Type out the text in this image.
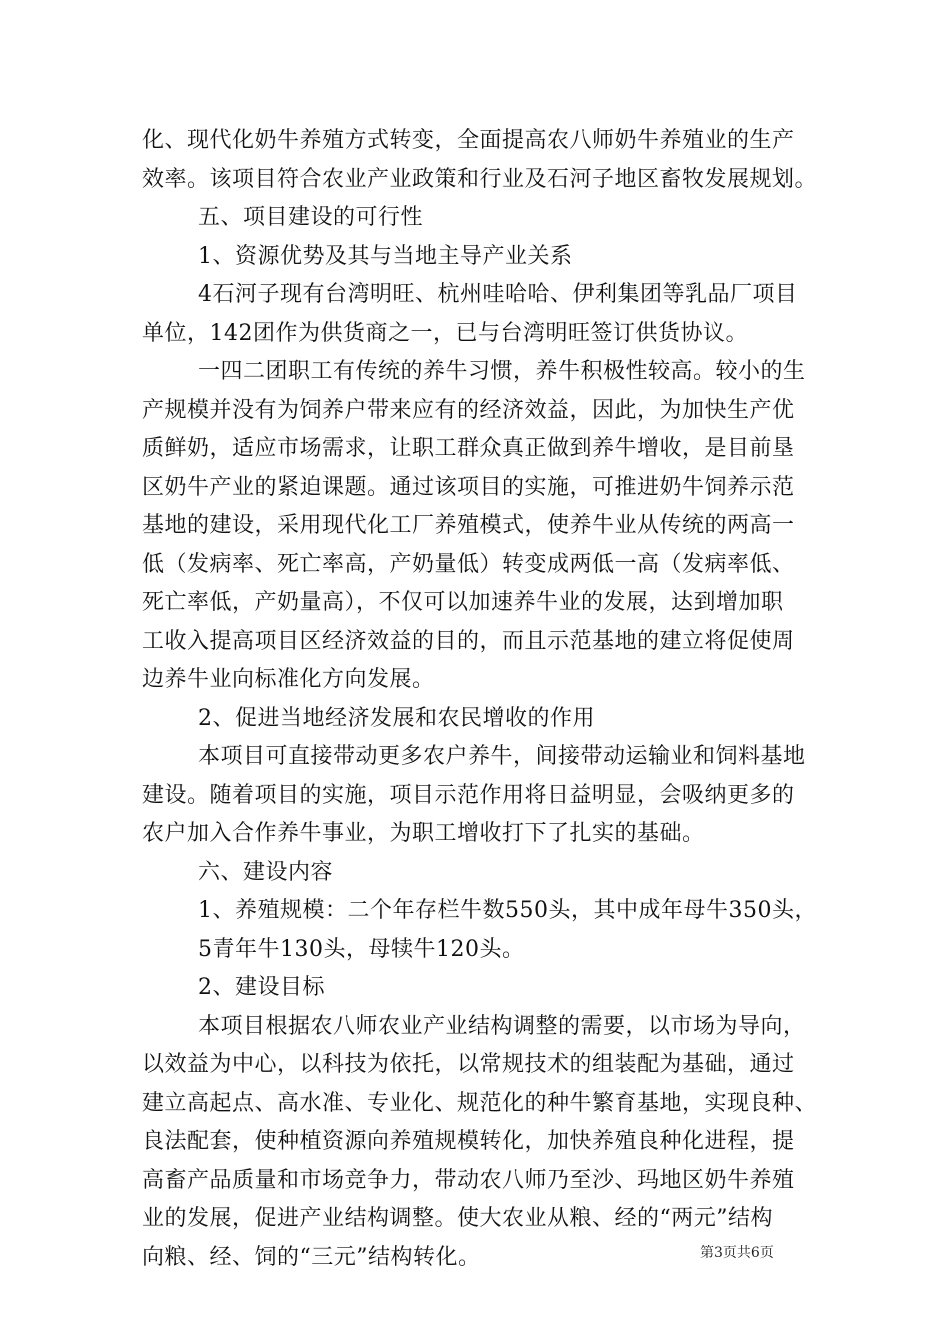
化、现代化奶牛养殖方式转变，全面提高农八师奶牛养殖业的生产
效率。该项目符合农业产业政策和行业及石河子地区畜牧发展规划。
五、项目建设的可行性
1、资源优势及其与当地主导产业关系
4石河子现有台湾明旺、杭州哇哈哈、伊利集团等乳品厂项目
单位，142团作为供货商之一，已与台湾明旺签订供货协议。
一四二团职工有传统的养牛习惯，养牛积极性较高。较小的生
产规模并没有为饲养户带来应有的经济效益，因此，为加快生产优
质鲜奶，适应市场需求，让职工群众真正做到养牛增收，是目前垦
区奶牛产业的紧迫课题。通过该项目的实施，可推进奶牛饲养示范
基地的建设，采用现代化工厂养殖模式，使养牛业从传统的两高一
低（发病率、死亡率高，产奶量低）转变成两低一高（发病率低、
死亡率低，产奶量高），不仅可以加速养牛业的发展，达到增加职
工收入提高项目区经济效益的目的，而且示范基地的建立将促使周
边养牛业向标准化方向发展。
2、促进当地经济发展和农民增收的作用
本项目可直接带动更多农户养牛，间接带动运输业和饲料基地
建设。随着项目的实施，项目示范作用将日益明显，会吸纳更多的
农户加入合作养牛事业，为职工增收打下了扎实的基础。
六、建设内容
1、养殖规模：二个年存栏牛数550头，其中成年母牛350头，
5青年牛130头，母犊牛120头。
2、建设目标
本项目根据农八师农业产业结构调整的需要，以市场为导向，
以效益为中心，以科技为依托，以常规技术的组装配为基础，通过
建立高起点、高水准、专业化、规范化的种牛繁育基地，实现良种、
良法配套，使种植资源向养殖规模转化，加快养殖良种化进程，提
高畜产品质量和市场竞争力，带动农八师乃至沙、玛地区奶牛养殖
业的发展，促进产业结构调整。使大农业从粮、经的“两元”结构
向粮、经、饲的“三元”结构转化。	第3页共6页
